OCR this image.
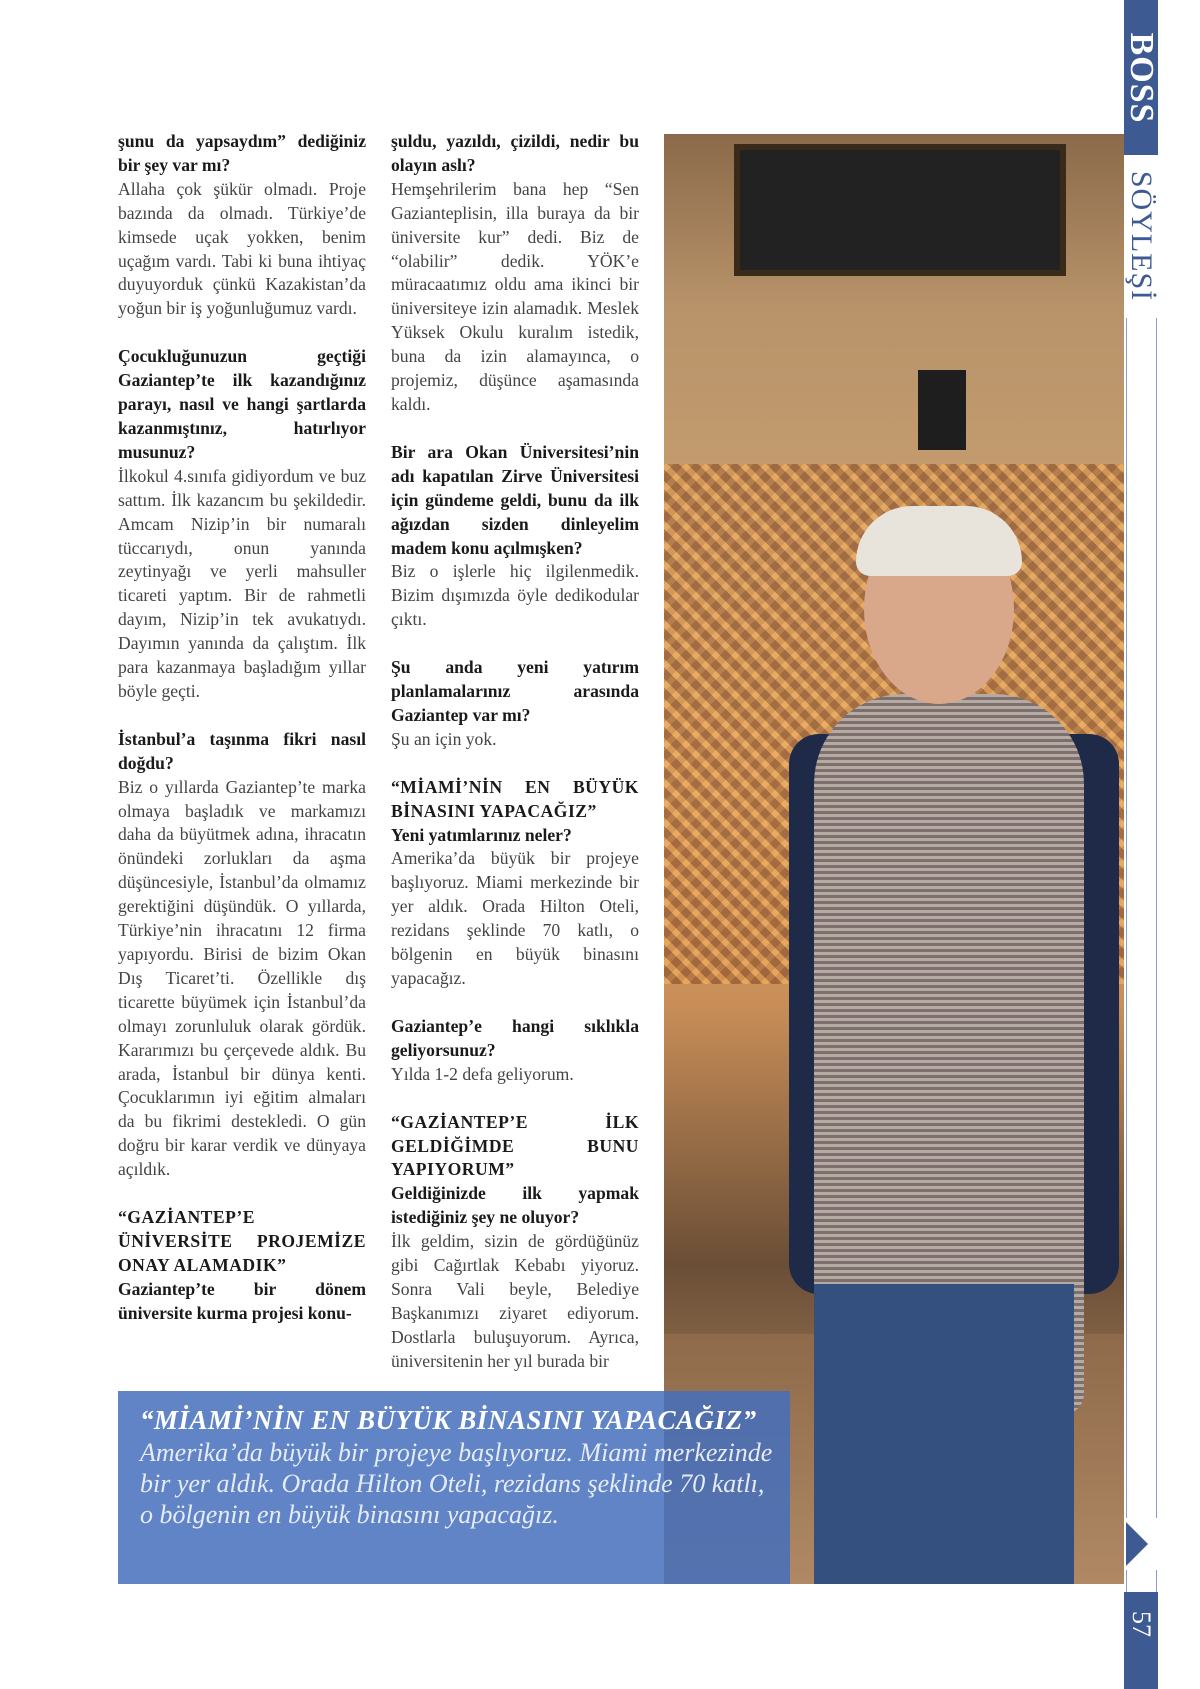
BOSS
SÖYLEŞİ
57

şunu da yapsaydım” dediğiniz bir şey var mı?

Allaha çok şükür olmadı. Proje bazında da olmadı. Türkiye’de kimsede uçak yokken, benim uçağım vardı. Tabi ki buna ihtiyaç duyuyorduk çünkü Kazakistan’da yoğun bir iş yoğunluğumuz vardı.

Çocukluğunuzun geçtiği Gaziantep’te ilk kazandığınız parayı, nasıl ve hangi şartlarda kazanmıştınız, hatırlıyor musunuz?

İlkokul 4.sınıfa gidiyordum ve buz sattım. İlk kazancım bu şekildedir. Amcam Nizip’in bir numaralı tüccarıydı, onun yanında zeytinyağı ve yerli mahsuller ticareti yaptım. Bir de rahmetli dayım, Nizip’in tek avukatıydı. Dayımın yanında da çalıştım. İlk para kazanmaya başladığım yıllar böyle geçti.

İstanbul’a taşınma fikri nasıl doğdu?

Biz o yıllarda Gaziantep’te marka olmaya başladık ve markamızı daha da büyütmek adına, ihracatın önündeki zorlukları da aşma düşüncesiyle, İstanbul’da olmamız gerektiğini düşündük. O yıllarda, Türkiye’nin ihracatını 12 firma yapıyordu. Birisi de bizim Okan Dış Ticaret’ti. Özellikle dış ticarette büyümek için İstanbul’da olmayı zorunluluk olarak gördük. Kararımızı bu çerçevede aldık. Bu arada, İstanbul bir dünya kenti. Çocuklarımın iyi eğitim almaları da bu fikrimi destekledi. O gün doğru bir karar verdik ve dünyaya açıldık.

“GAZİANTEP’E ÜNİVERSİTE PROJEMİZE ONAY ALAMADIK”

Gaziantep’te bir dönem üniversite kurma projesi konu-

şuldu, yazıldı, çizildi, nedir bu olayın aslı?

Hemşehrilerim bana hep “Sen Gazianteplisin, illa buraya da bir üniversite kur” dedi. Biz de “olabilir” dedik. YÖK’e müracaatımız oldu ama ikinci bir üniversiteye izin alamadık. Meslek Yüksek Okulu kuralım istedik, buna da izin alamayınca, o projemiz, düşünce aşamasında kaldı.

Bir ara Okan Üniversitesi’nin adı kapatılan Zirve Üniversitesi için gündeme geldi, bunu da ilk ağızdan sizden dinleyelim madem konu açılmışken?

Biz o işlerle hiç ilgilenmedik. Bizim dışımızda öyle dedikodular çıktı.

Şu anda yeni yatırım planlamalarınız arasında Gaziantep var mı?

Şu an için yok.

“MİAMİ’NİN EN BÜYÜK BİNASINI YAPACAĞIZ”

Yeni yatımlarınız neler?

Amerika’da büyük bir projeye başlıyoruz. Miami merkezinde bir yer aldık. Orada Hilton Oteli, rezidans şeklinde 70 katlı, o bölgenin en büyük binasını yapacağız.

Gaziantep’e hangi sıklıkla geliyorsunuz?

Yılda 1-2 defa geliyorum.

“GAZİANTEP’E İLK GELDİĞİMDE BUNU YAPIYORUM”

Geldiğinizde ilk yapmak istediğiniz şey ne oluyor?

İlk geldim, sizin de gördüğünüz gibi Cağırtlak Kebabı yiyoruz. Sonra Vali beyle, Belediye Başkanımızı ziyaret ediyorum. Dostlarla buluşuyorum. Ayrıca, üniversitenin her yıl burada bir

“MİAMİ’NİN EN BÜYÜK BİNASINI YAPACAĞIZ”
Amerika’da büyük bir projeye başlıyoruz. Miami merkezinde bir yer aldık. Orada Hilton Oteli, rezidans şeklinde 70 katlı, o bölgenin en büyük binasını yapacağız.
